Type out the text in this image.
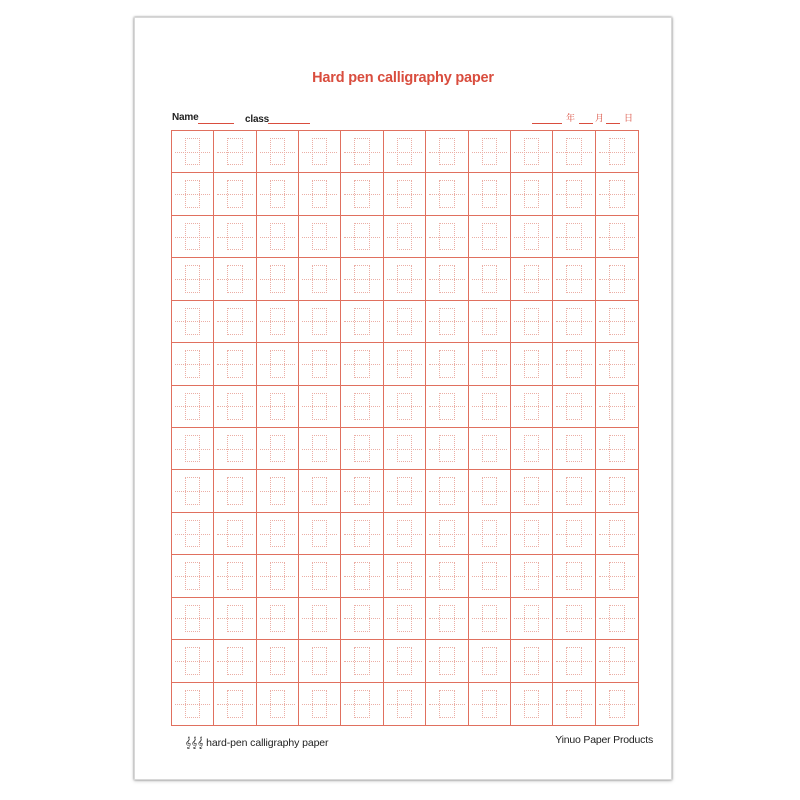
Hard pen calligraphy paper
Name	class	年 月 日
𝄞𝄞𝄞 hard-pen calligraphy paper	Yinuo Paper Products
